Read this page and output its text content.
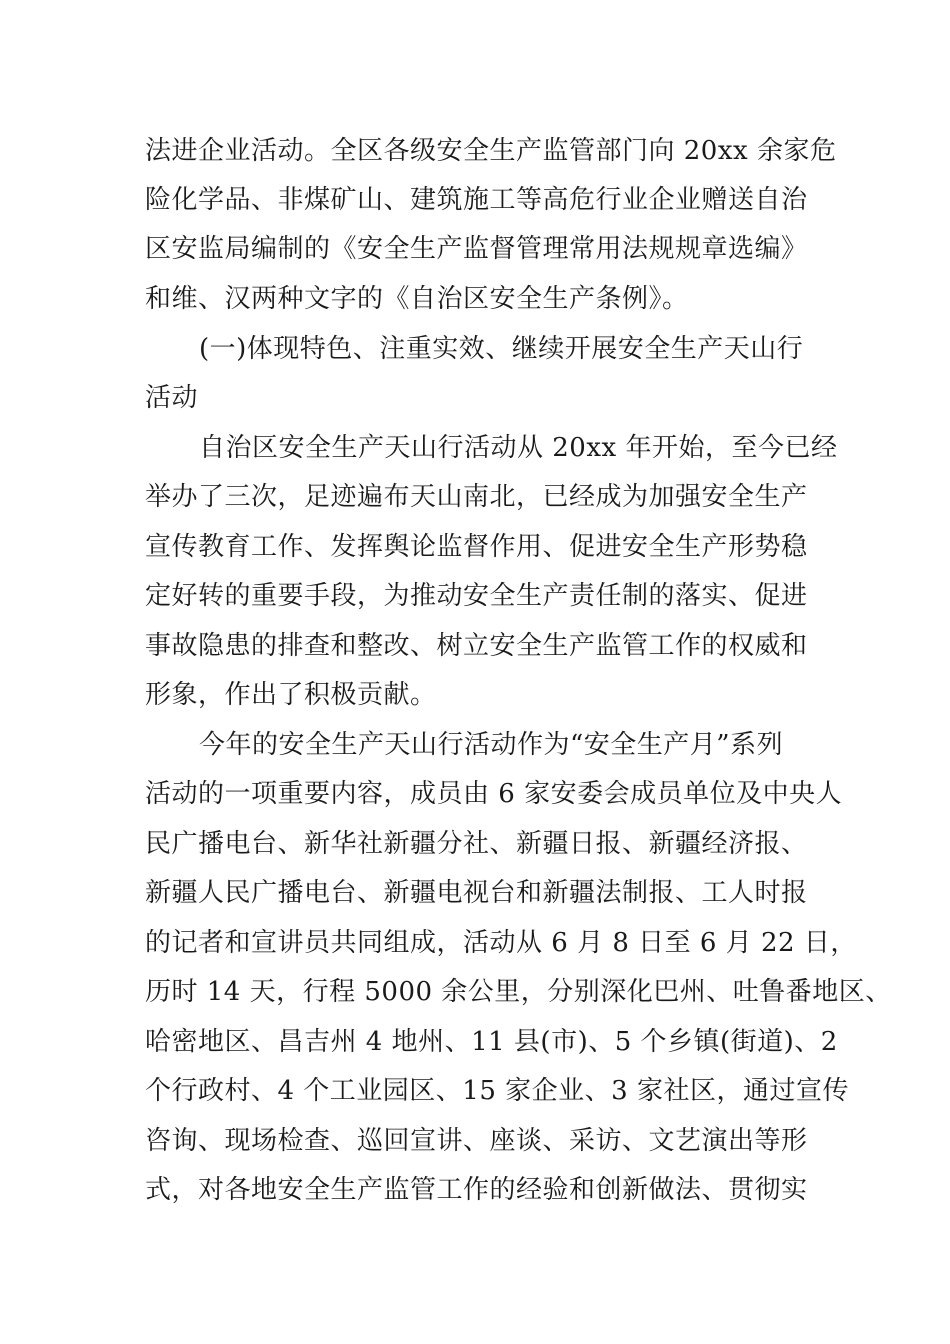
法进企业活动。全区各级安全生产监管部门向 20xx 余家危
险化学品、非煤矿山、建筑施工等高危行业企业赠送自治
区安监局编制的《安全生产监督管理常用法规规章选编》
和维、汉两种文字的《自治区安全生产条例》。
(一)体现特色、注重实效、继续开展安全生产天山行
活动
自治区安全生产天山行活动从 20xx 年开始，至今已经
举办了三次，足迹遍布天山南北，已经成为加强安全生产
宣传教育工作、发挥舆论监督作用、促进安全生产形势稳
定好转的重要手段，为推动安全生产责任制的落实、促进
事故隐患的排查和整改、树立安全生产监管工作的权威和
形象，作出了积极贡献。
今年的安全生产天山行活动作为“安全生产月”系列
活动的一项重要内容，成员由 6 家安委会成员单位及中央人
民广播电台、新华社新疆分社、新疆日报、新疆经济报、
新疆人民广播电台、新疆电视台和新疆法制报、工人时报
的记者和宣讲员共同组成，活动从 6 月 8 日至 6 月 22 日，
历时 14 天，行程 5000 余公里，分别深化巴州、吐鲁番地区、
哈密地区、昌吉州 4 地州、11 县(市)、5 个乡镇(街道)、2
个行政村、4 个工业园区、15 家企业、3 家社区，通过宣传
咨询、现场检查、巡回宣讲、座谈、采访、文艺演出等形
式，对各地安全生产监管工作的经验和创新做法、贯彻实
